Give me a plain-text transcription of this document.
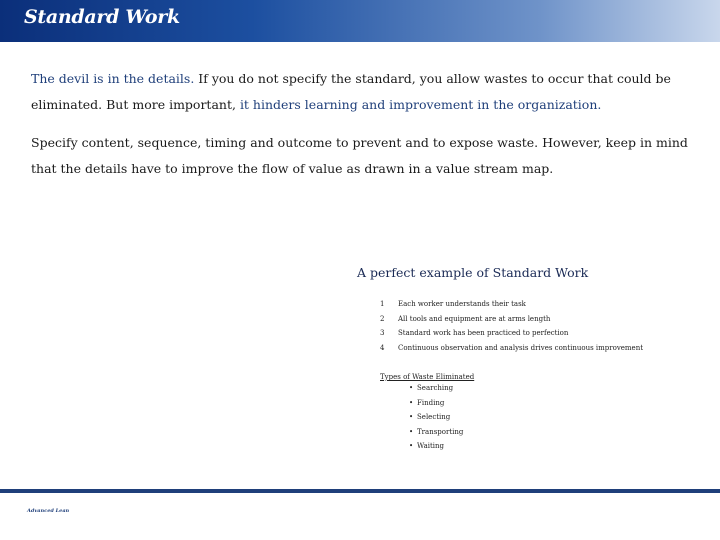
Standard Work
The devil is in the details. If you do not specify the standard, you allow wastes to occur that could be eliminated. But more important, it hinders learning and improvement in the organization.
Specify content, sequence, timing and outcome to prevent and to expose waste. However, keep in mind that the details have to improve the flow of value as drawn in a value stream map.
A perfect example of Standard Work
1	Each worker understands their task
2	All tools and equipment are at arms length
3	Standard work has been practiced to perfection
4	Continuous observation and analysis drives continuous improvement
Types of Waste Eliminated
• Searching
• Finding
• Selecting
• Transporting
• Waiting
Advanced Lean
